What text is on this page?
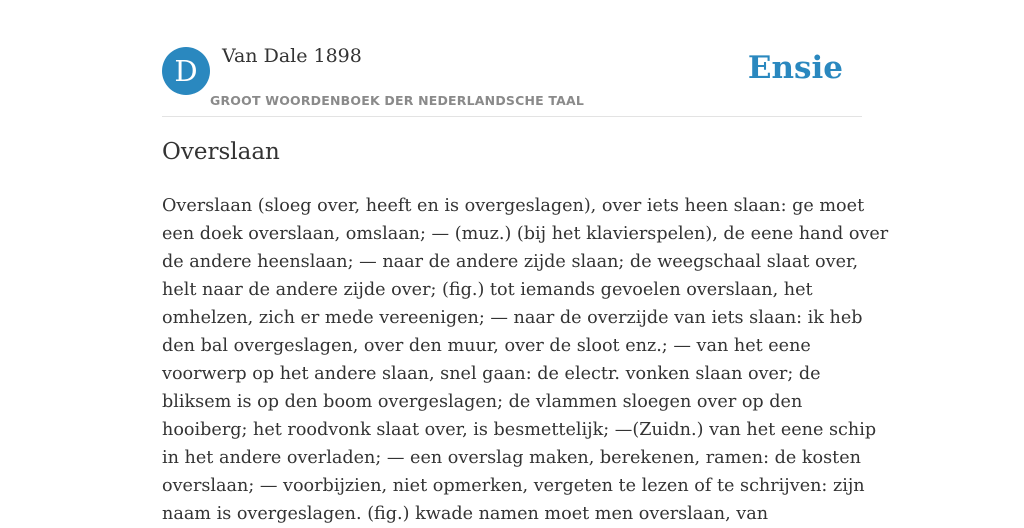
D	Van Dale 1898
GROOT WOORDENBOEK DER NEDERLANDSCHE TAAL
Ensie
Overslaan
Overslaan (sloeg over, heeft en is overgeslagen), over iets heen slaan: ge moet
een doek overslaan, omslaan; — (muz.) (bij het klavierspelen), de eene hand over
de andere heenslaan; — naar de andere zijde slaan; de weegschaal slaat over,
helt naar de andere zijde over; (fig.) tot iemands gevoelen overslaan, het
omhelzen, zich er mede vereenigen; — naar de overzijde van iets slaan: ik heb
den bal overgeslagen, over den muur, over de sloot enz.; — van het eene
voorwerp op het andere slaan, snel gaan: de electr. vonken slaan over; de
bliksem is op den boom overgeslagen; de vlammen sloegen over op den
hooiberg; het roodvonk slaat over, is besmettelijk; —(Zuidn.) van het eene schip
in het andere overladen; — een overslag maken, berekenen, ramen: de kosten
overslaan; — voorbijzien, niet opmerken, vergeten te lezen of te schrijven: zijn
naam is overgeslagen. (fig.) kwade namen moet men overslaan, van
